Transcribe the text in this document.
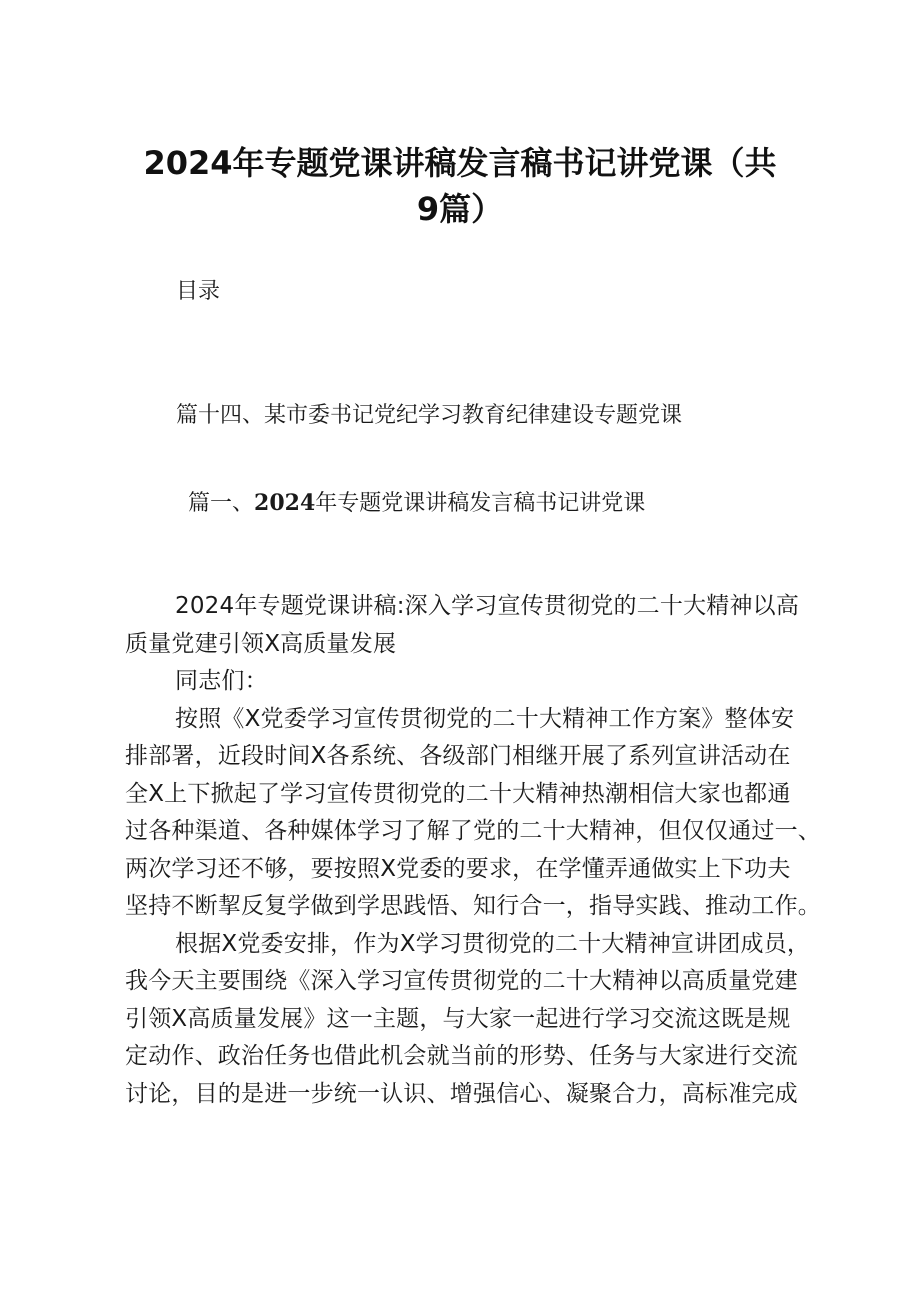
2024年专题党课讲稿发言稿书记讲党课（共
9篇）
目录
篇十四、某市委书记党纪学习教育纪律建设专题党课
篇一、2024年专题党课讲稿发言稿书记讲党课
2024年专题党课讲稿:深入学习宣传贯彻党的二十大精神以高
质量党建引领X高质量发展
同志们：
按照《X党委学习宣传贯彻党的二十大精神工作方案》整体安
排部署，近段时间X各系统、各级部门相继开展了系列宣讲活动在
全X上下掀起了学习宣传贯彻党的二十大精神热潮相信大家也都通
过各种渠道、各种媒体学习了解了党的二十大精神，但仅仅通过一、
两次学习还不够，要按照X党委的要求，在学懂弄通做实上下功夫
坚持不断挈反复学做到学思践悟、知行合一，指导实践、推动工作。
根据X党委安排，作为X学习贯彻党的二十大精神宣讲团成员，
我今天主要围绕《深入学习宣传贯彻党的二十大精神以高质量党建
引领X高质量发展》这一主题，与大家一起进行学习交流这既是规
定动作、政治任务也借此机会就当前的形势、任务与大家进行交流
讨论，目的是进一步统一认识、增强信心、凝聚合力，高标准完成
